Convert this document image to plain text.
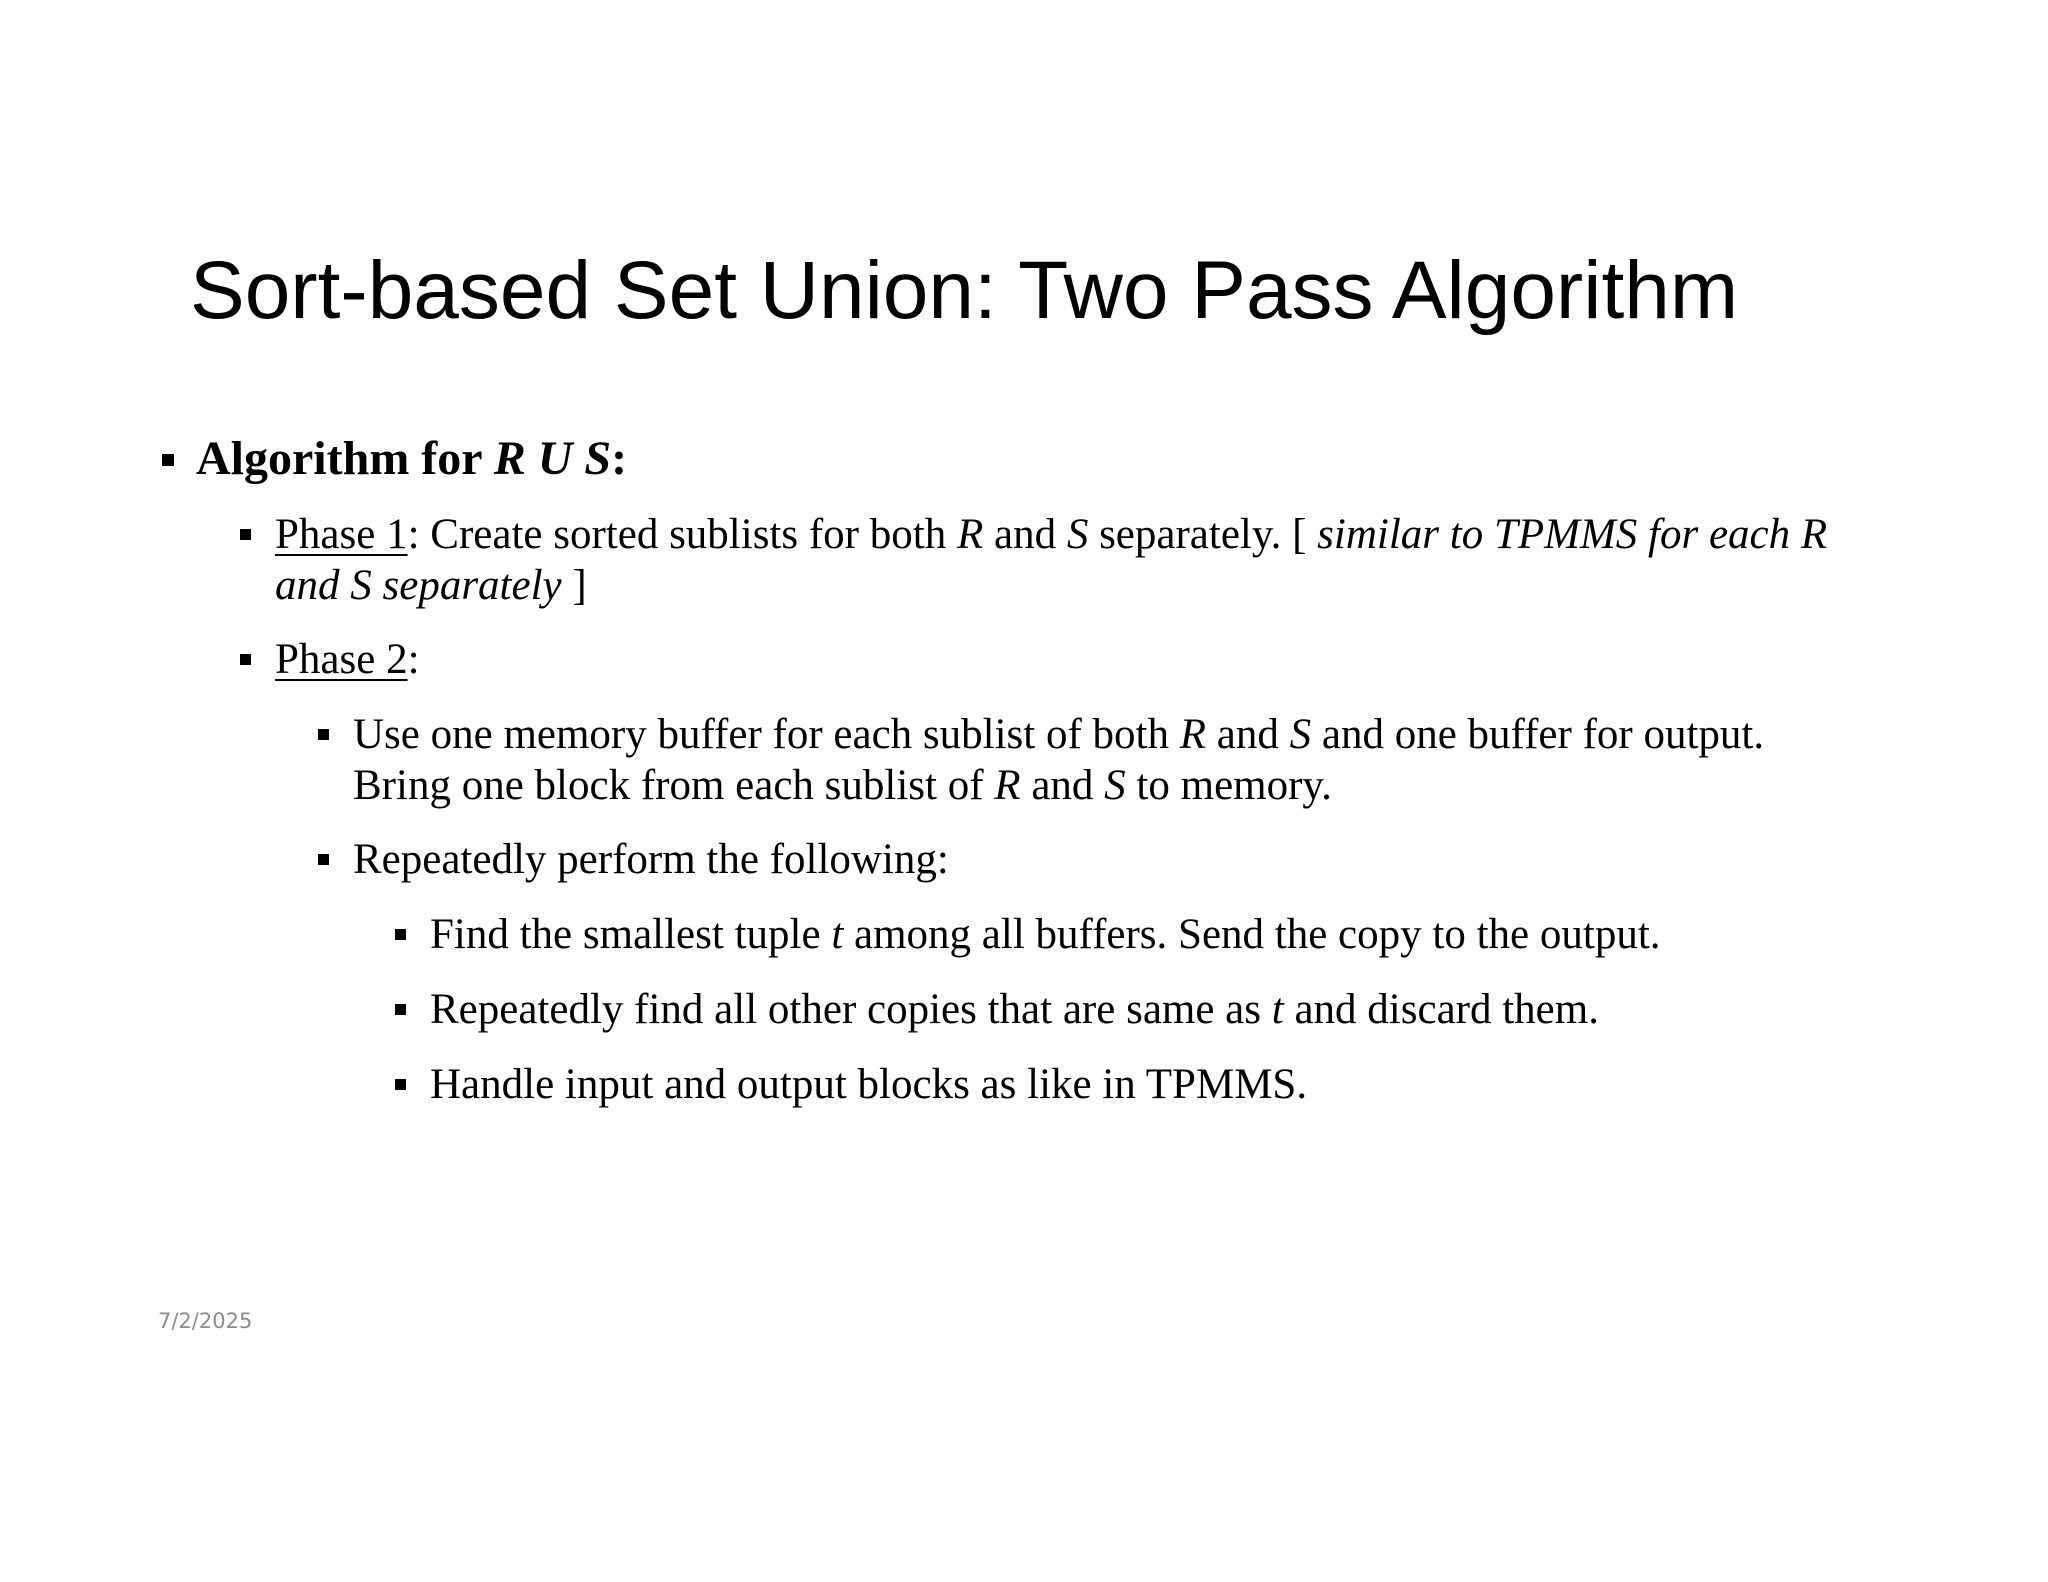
Sort-based Set Union: Two Pass Algorithm
Algorithm for R U S:
Phase 1: Create sorted sublists for both R and S separately. [ similar to TPMMS for each R and S separately ]
Phase 2:
Use one memory buffer for each sublist of both R and S and one buffer for output. Bring one block from each sublist of R and S to memory.
Repeatedly perform the following:
Find the smallest tuple t among all buffers. Send the copy to the output.
Repeatedly find all other copies that are same as t and discard them.
Handle input and output blocks as like in TPMMS.
7/2/2025
